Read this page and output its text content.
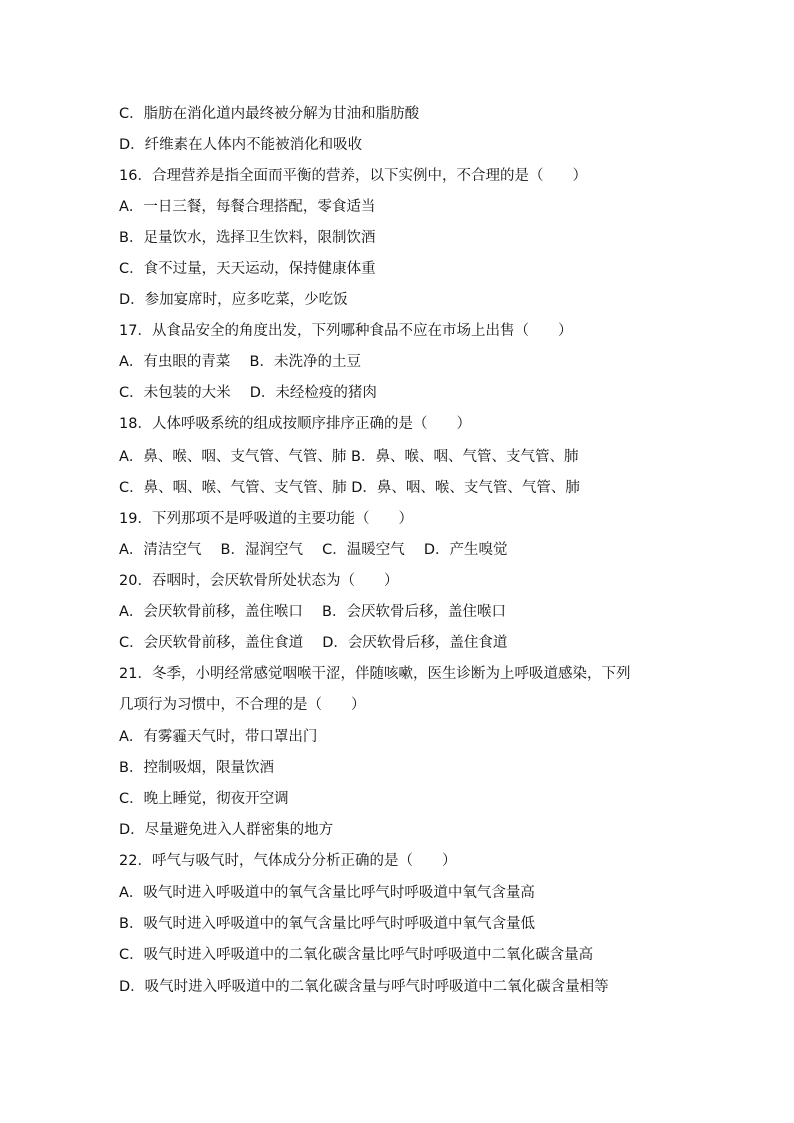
C．脂肪在消化道内最终被分解为甘油和脂肪酸
D．纤维素在人体内不能被消化和吸收
16．合理营养是指全面而平衡的营养，以下实例中，不合理的是（　　）
A．一日三餐，每餐合理搭配，零食适当
B．足量饮水，选择卫生饮料，限制饮酒
C．食不过量，天天运动，保持健康体重
D．参加宴席时，应多吃菜，少吃饭
17．从食品安全的角度出发，下列哪种食品不应在市场上出售（　　）
A．有虫眼的青菜　 B．未洗净的土豆
C．未包装的大米　 D．未经检疫的猪肉
18．人体呼吸系统的组成按顺序排序正确的是（　　）
A．鼻、喉、咽、支气管、气管、肺 B．鼻、喉、咽、气管、支气管、肺
C．鼻、咽、喉、气管、支气管、肺 D．鼻、咽、喉、支气管、气管、肺
19．下列那项不是呼吸道的主要功能（　　）
A．清洁空气　 B．湿润空气　 C．温暖空气　 D．产生嗅觉
20．吞咽时，会厌软骨所处状态为（　　）
A．会厌软骨前移，盖住喉口　 B．会厌软骨后移，盖住喉口
C．会厌软骨前移，盖住食道　 D．会厌软骨后移，盖住食道
21．冬季，小明经常感觉咽喉干涩，伴随咳嗽，医生诊断为上呼吸道感染，下列
几项行为习惯中，不合理的是（　　）
A．有雾霾天气时，带口罩出门
B．控制吸烟，限量饮酒
C．晚上睡觉，彻夜开空调
D．尽量避免进入人群密集的地方
22．呼气与吸气时，气体成分分析正确的是（　　）
A．吸气时进入呼吸道中的氧气含量比呼气时呼吸道中氧气含量高
B．吸气时进入呼吸道中的氧气含量比呼气时呼吸道中氧气含量低
C．吸气时进入呼吸道中的二氧化碳含量比呼气时呼吸道中二氧化碳含量高
D．吸气时进入呼吸道中的二氧化碳含量与呼气时呼吸道中二氧化碳含量相等
